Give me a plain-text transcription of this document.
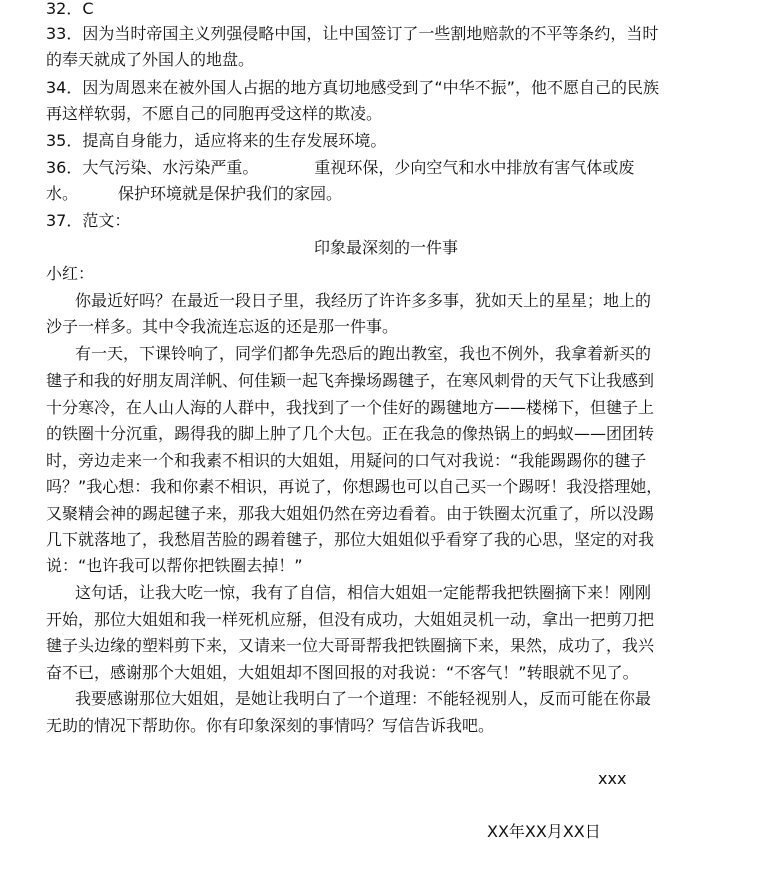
32．C
33．因为当时帝国主义列强侵略中国，让中国签订了一些割地赔款的不平等条约，当时
的奉天就成了外国人的地盘。
34．因为周恩来在被外国人占据的地方真切地感受到了“中华不振”，他不愿自己的民族
再这样软弱，不愿自己的同胞再受这样的欺凌。
35．提高自身能力，适应将来的生存发展环境。
36．大气污染、水污染严重。　　　　重视环保，少向空气和水中排放有害气体或废
水。　　　保护环境就是保护我们的家园。
37．范文：
印象最深刻的一件事
小红：
你最近好吗？在最近一段日子里，我经历了许许多多事，犹如天上的星星；地上的
沙子一样多。其中令我流连忘返的还是那一件事。
有一天，下课铃响了，同学们都争先恐后的跑出教室，我也不例外，我拿着新买的
毽子和我的好朋友周洋帆、何佳颖一起飞奔操场踢毽子，在寒风刺骨的天气下让我感到
十分寒冷，在人山人海的人群中，我找到了一个佳好的踢毽地方——楼梯下，但毽子上
的铁圈十分沉重，踢得我的脚上肿了几个大包。正在我急的像热锅上的蚂蚁——团团转
时，旁边走来一个和我素不相识的大姐姐，用疑问的口气对我说：“我能踢踢你的毽子
吗？”我心想：我和你素不相识，再说了，你想踢也可以自己买一个踢呀！我没搭理她，
又聚精会神的踢起毽子来，那我大姐姐仍然在旁边看着。由于铁圈太沉重了，所以没踢
几下就落地了，我愁眉苦脸的踢着毽子，那位大姐姐似乎看穿了我的心思，坚定的对我
说：“也许我可以帮你把铁圈去掉！”
这句话，让我大吃一惊，我有了自信，相信大姐姐一定能帮我把铁圈摘下来！刚刚
开始，那位大姐姐和我一样死机应掰，但没有成功，大姐姐灵机一动，拿出一把剪刀把
毽子头边缘的塑料剪下来，又请来一位大哥哥帮我把铁圈摘下来，果然，成功了，我兴
奋不已，感谢那个大姐姐，大姐姐却不图回报的对我说：“不客气！”转眼就不见了。
我要感谢那位大姐姐，是她让我明白了一个道理：不能轻视别人，反而可能在你最
无助的情况下帮助你。你有印象深刻的事情吗？写信告诉我吧。
xxx
XX年XX月XX日
